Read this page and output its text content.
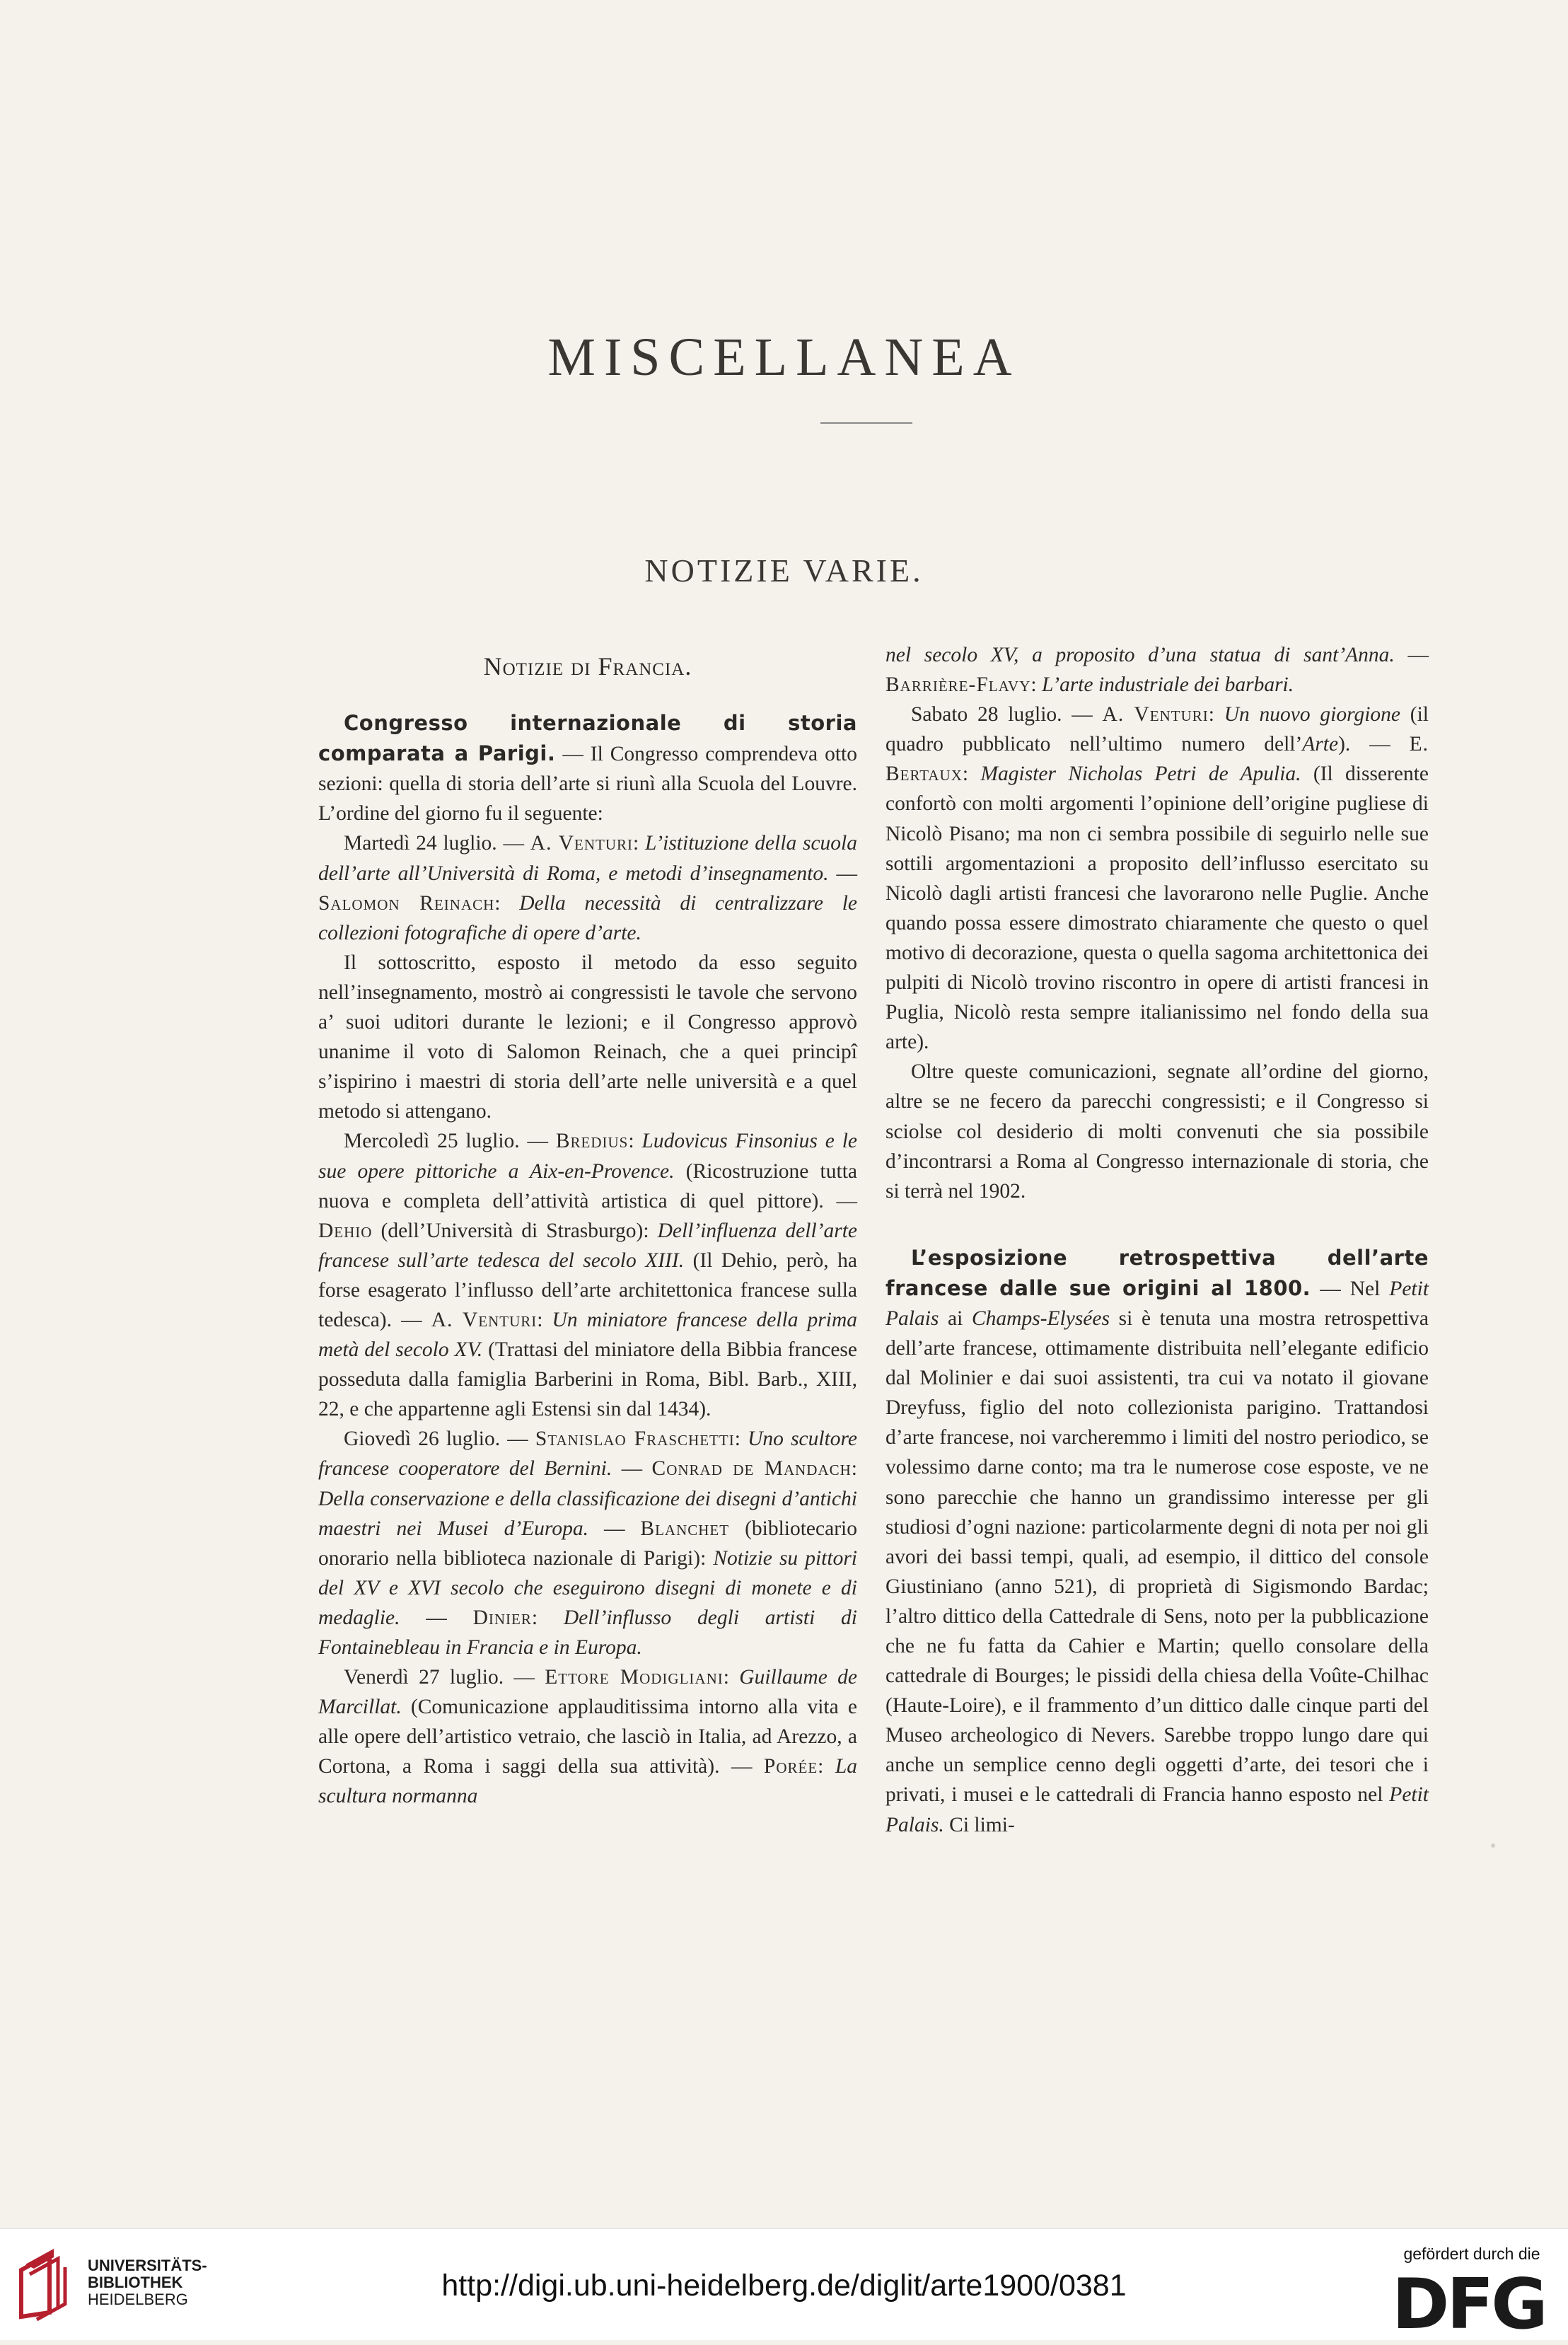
MISCELLANEA
NOTIZIE VARIE.
Notizie di Francia.

Congresso internazionale di storia comparata a Parigi. — Il Congresso comprendeva otto sezioni: quella di storia dell’arte si riunì alla Scuola del Louvre. L’ordine del giorno fu il seguente:

Martedì 24 luglio. — A. Venturi: L’istituzione della scuola dell’arte all’Università di Roma, e metodi d’insegnamento. — Salomon Reinach: Della necessità di centralizzare le collezioni fotografiche di opere d’arte.

Il sottoscritto, esposto il metodo da esso seguito nell’insegnamento, mostrò ai congressisti le tavole che servono a’ suoi uditori durante le lezioni; e il Congresso approvò unanime il voto di Salomon Reinach, che a quei principî s’ispirino i maestri di storia dell’arte nelle università e a quel metodo si attengano.

Mercoledì 25 luglio. — Bredius: Ludovicus Finsonius e le sue opere pittoriche a Aix-en-Provence. (Ricostruzione tutta nuova e completa dell’attività artistica di quel pittore). — Dehio (dell’Università di Strasburgo): Dell’influenza dell’arte francese sull’arte tedesca del secolo XIII. (Il Dehio, però, ha forse esagerato l’influsso dell’arte architettonica francese sulla tedesca). — A. Venturi: Un miniatore francese della prima metà del secolo XV. (Trattasi del miniatore della Bibbia francese posseduta dalla famiglia Barberini in Roma, Bibl. Barb., XIII, 22, e che appartenne agli Estensi sin dal 1434).

Giovedì 26 luglio. — Stanislao Fraschetti: Uno scultore francese cooperatore del Bernini. — Conrad de Mandach: Della conservazione e della classificazione dei disegni d’antichi maestri nei Musei d’Europa. — Blanchet (bibliotecario onorario nella biblioteca nazionale di Parigi): Notizie su pittori del XV e XVI secolo che eseguirono disegni di monete e di medaglie. — Dinier: Dell’influsso degli artisti di Fontainebleau in Francia e in Europa.

Venerdì 27 luglio. — Ettore Modigliani: Guillaume de Marcillat. (Comunicazione applauditissima intorno alla vita e alle opere dell’artistico vetraio, che lasciò in Italia, ad Arezzo, a Cortona, a Roma i saggi della sua attività). — Porée: La scultura normanna

nel secolo XV, a proposito d’una statua di sant’Anna. — Barrière-Flavy: L’arte industriale dei barbari.

Sabato 28 luglio. — A. Venturi: Un nuovo giorgione (il quadro pubblicato nell’ultimo numero dell’Arte). — E. Bertaux: Magister Nicholas Petri de Apulia. (Il disserente confortò con molti argomenti l’opinione dell’origine pugliese di Nicolò Pisano; ma non ci sembra possibile di seguirlo nelle sue sottili argomentazioni a proposito dell’influsso esercitato su Nicolò dagli artisti francesi che lavorarono nelle Puglie. Anche quando possa essere dimostrato chiaramente che questo o quel motivo di decorazione, questa o quella sagoma architettonica dei pulpiti di Nicolò trovino riscontro in opere di artisti francesi in Puglia, Nicolò resta sempre italianissimo nel fondo della sua arte).

Oltre queste comunicazioni, segnate all’ordine del giorno, altre se ne fecero da parecchi congressisti; e il Congresso si sciolse col desiderio di molti convenuti che sia possibile d’incontrarsi a Roma al Congresso internazionale di storia, che si terrà nel 1902.

L’esposizione retrospettiva dell’arte francese dalle sue origini al 1800. — Nel Petit Palais ai Champs-Elysées si è tenuta una mostra retrospettiva dell’arte francese, ottimamente distribuita nell’elegante edificio dal Molinier e dai suoi assistenti, tra cui va notato il giovane Dreyfuss, figlio del noto collezionista parigino. Trattandosi d’arte francese, noi varcheremmo i limiti del nostro periodico, se volessimo darne conto; ma tra le numerose cose esposte, ve ne sono parecchie che hanno un grandissimo interesse per gli studiosi d’ogni nazione: particolarmente degni di nota per noi gli avori dei bassi tempi, quali, ad esempio, il dittico del console Giustiniano (anno 521), di proprietà di Sigismondo Bardac; l’altro dittico della Cattedrale di Sens, noto per la pubblicazione che ne fu fatta da Cahier e Martin; quello consolare della cattedrale di Bourges; le pissidi della chiesa della Voûte-Chilhac (Haute-Loire), e il frammento d’un dittico dalle cinque parti del Museo archeologico di Nevers. Sarebbe troppo lungo dare qui anche un semplice cenno degli oggetti d’arte, dei tesori che i privati, i musei e le cattedrali di Francia hanno esposto nel Petit Palais. Ci limi-

UNIVERSITÄTS-
BIBLIOTHEK
HEIDELBERG	http://digi.ub.uni-heidelberg.de/diglit/arte1900/0381
gefördert durch die
DFG
